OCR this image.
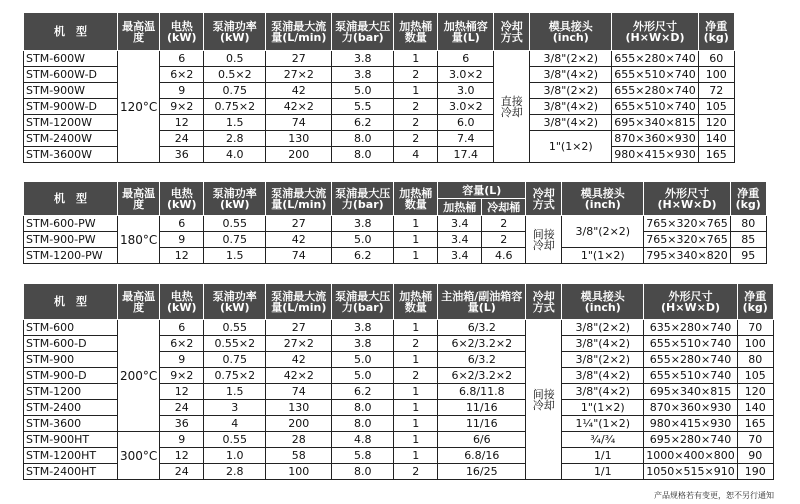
机　型	最高温度	电热(kW)	泵浦功率(kW)	泵浦最大流量(L/min)	泵浦最大压力(bar)	加热桶数量	加热桶容量(L)	冷却方式	模具接头(inch)	外形尺寸(H×W×D)	净重(kg)
STM-600W	120°C	6	0.5	27	3.8	1	6	直接冷却	3/8"(2×2)	655×280×740	60
STM-600W-D		6×2	0.5×2	27×2	3.8	2	3.0×2		3/8"(4×2)	655×510×740	100
STM-900W		9	0.75	42	5.0	1	3.0		3/8"(2×2)	655×280×740	72
STM-900W-D		9×2	0.75×2	42×2	5.5	2	3.0×2		3/8"(4×2)	655×510×740	105
STM-1200W		12	1.5	74	6.2	2	6.0		3/8"(4×2)	695×340×815	120
STM-2400W		24	2.8	130	8.0	2	7.4		1"(1×2)	870×360×930	140
STM-3600W		36	4.0	200	8.0	4	17.4			980×415×930	165
机　型	最高温度	电热(kW)	泵浦功率(kW)	泵浦最大流量(L/min)	泵浦最大压力(bar)	加热桶数量	容量(L)		冷却方式	模具接头(inch)	外形尺寸(H×W×D)	净重(kg)
							加热桶	冷却桶				
STM-600-PW	180°C	6	0.55	27	3.8	1	3.4	2	间接冷却	3/8"(2×2)	765×320×765	80
STM-900-PW		9	0.75	42	5.0	1	3.4	2			765×320×765	85
STM-1200-PW		12	1.5	74	6.2	1	3.4	4.6		1"(1×2)	795×340×820	95
机　型	最高温度	电热(kW)	泵浦功率(kW)	泵浦最大流量(L/min)	泵浦最大压力(bar)	加热桶数量	主油箱/副油箱容量(L)	冷却方式	模具接头(inch)	外形尺寸(H×W×D)	净重(kg)
STM-600	200°C	6	0.55	27	3.8	1	6/3.2	间接冷却	3/8"(2×2)	635×280×740	70
STM-600-D		6×2	0.55×2	27×2	3.8	2	6×2/3.2×2		3/8"(4×2)	655×510×740	100
STM-900		9	0.75	42	5.0	1	6/3.2		3/8"(2×2)	655×280×740	80
STM-900-D		9×2	0.75×2	42×2	5.0	2	6×2/3.2×2		3/8"(4×2)	655×510×740	105
STM-1200		12	1.5	74	6.2	1	6.8/11.8		3/8"(4×2)	695×340×815	120
STM-2400		24	3	130	8.0	1	11/16		1"(1×2)	870×360×930	140
STM-3600		36	4	200	8.0	1	11/16		1¼"(1×2)	980×415×930	165
STM-900HT	300°C	9	0.55	28	4.8	1	6/6		¾/¾	695×280×740	70
STM-1200HT		12	1.0	58	5.8	1	6.8/16		1/1	1000×400×800	90
STM-2400HT		24	2.8	100	8.0	2	16/25		1/1	1050×515×910	190
产品规格若有变更，恕不另行通知
